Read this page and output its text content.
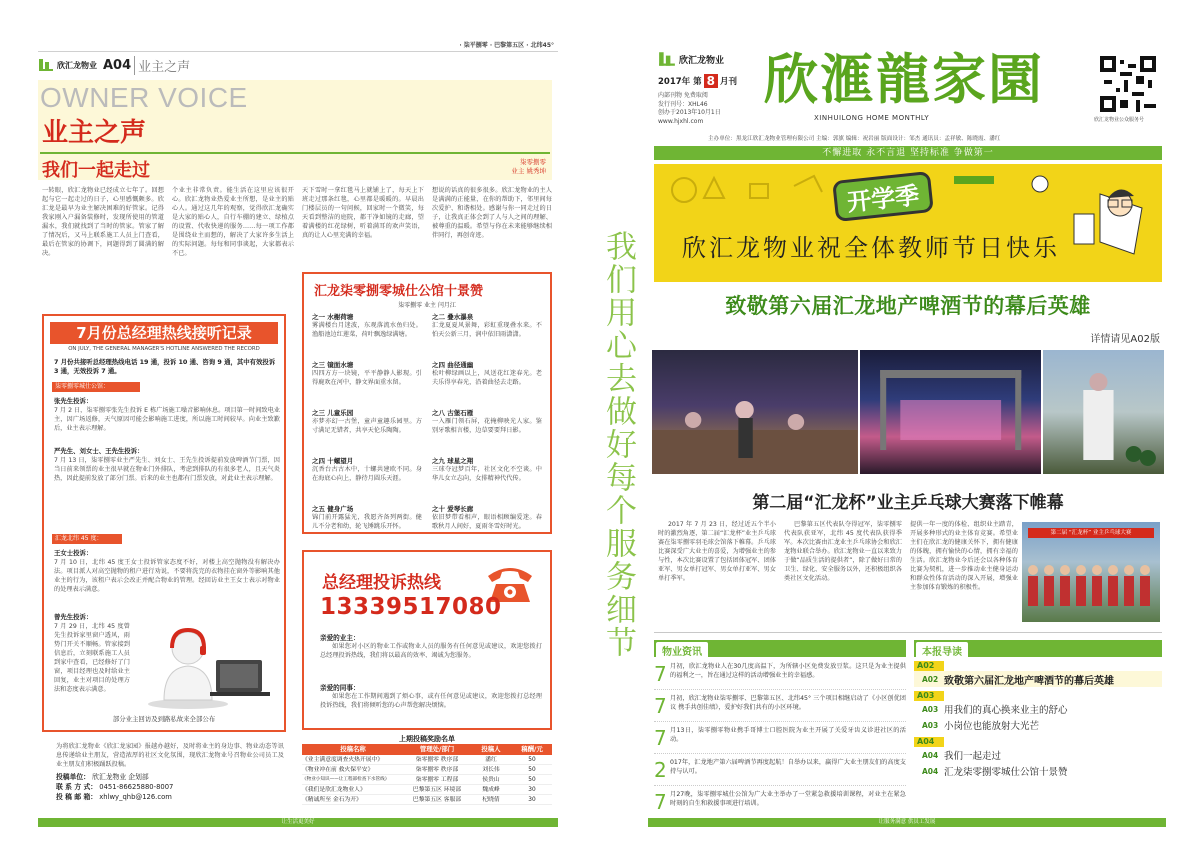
· 柒平捌零 · 巴黎第五区 · 北纬45°
欣汇龙物业 A04 业主之声
OWNER VOICE
业主之声
我们一起走过	柒零捌零
业主 姚秀坤
一转眼，欣汇龙物业已经成立七年了。回想起与它一起走过的日子，心里感慨颇多。欣汇龙是最早为业主解决困难的好管家。记得我家刚入户漏备装修时，发现所使用的管道漏水，我们就找到了当时的管家。管家了解了情况后，又马上联系施工人员上门查看，最后在管家的协调下，问题得到了圆满的解决。
个业主非常负责。能生活在这里应该很开心。欣汇龙物业热爱业主所想，是业主的贴心人。通过这几年的观察，觉得欣汇龙确实是大家的贴心人，自行车棚的建立、绿植点的设置、代收快递的服务……每一项工作都是围绕业主而想的，解决了大家许多生活上的实际问题。每每和同事谈起，大家都表示不已。
天下雪时一拿红毯马上就铺上了，每天上下班走过那条红毯，心里都是暖暖的。早晨出门楼层员的一句问候，回家时一个微笑，每天看到整洁的庭院，都干净如镜的走廊，望着满楼的红花绿树，听着满耳的欢声笑语，真的让人心里充满的幸福。
想说的话真的很多很多。欣汇龙物业的主人是满满的正能量，在你的帮助下，邻里间每次爱护、和谐相处。感谢与你一同走过的日子，让我真正体会到了人与人之间的理解、被尊重的温暖。希望与你在未来能够继续相伴同行，再创奇迹。
7月份总经理热线接听记录
ON JULY, THE GENERAL MANAGER'S HOTLINE ANSWERED THE RECORD
7 月份共接听总经理热线电话 19 通，投诉 10 通、咨询 9 通，其中有效投诉 3 通，无效投诉 7 通。
柒零捌零城仕公馆：
张先生投诉：
7 月 2 日，柒零捌零张先生投诉 E 栋广场施工噪音影响休息。项目第一时间致电业主，因广场返修，天气原因可能会影响施工进度，所以施工时间较早。向业主致歉后，业主表示理解。
严先生、刘女士、王先生投诉：
7 月 13 日，柒零捌零业主严先生、刘女士、王先生投诉提前发放啤酒节门票，因当日前来领票的业主很早就在物业门外排队，考虑到排队的有很多老人，且天气炎热，因此提前发放了部分门票。后来的业主也都有门票发放，对此业主表示理解。
汇龙北纬 45 度：
王女士投诉：
7 月 10 日，北纬 45 度王女士投诉管家态度不好，对楼上高空抛物没有解决办法。项目派人对高空抛物的租户进行劝说，不要将洗完的衣物挂在窗外等影响其他业主的行为，该租户表示会改正并配合物业的管理。经回访业主王女士表示对物业的处理表示满意。
曾先生投诉：
7 月 29 日，北纬 45 度曾先生投诉家里窗户透风，雨势门开关不顺畅。管家接到信息后，立刻联系施工人员到家中查看，已经修好了门窗，项目经理也及时给业主回复，业主对项目的处理方法和态度表示满意。
部分业主回访及到路私故来全部公布
汇龙柒零捌零城仕公馆十景赞
柒零捌零 业主 闫月江
之一 水榭荷塘
雾满楼台月迷波，东观落流水鱼归处。渔船池边红莲菜，荷叶飘逸绿满塘。
之二 叠水瀑泉
汇龙夏夏风景舞，彩虹重现叠水来。不怕天公新三月，润中依旧雨潇潇。
之三 镜面水塘
四四方方一块镜，平平静静人影现。引得鹿欢在河中，静文界面重水留。
之四 曲径通幽
松叶柳绿画以上，风送花红迷春光。老夫乐得享春光，沿着曲径去走路。
之三 儿童乐园
亦梦亦幻一古堡，童声童趣乐园里。方寸满足无错者，共享天伦乐陶陶。
之八 古堡石雁
一入雁门领石屏，花掩柳映光人家。鉴别牙歌相言楼，边草要要拜日影。
之四 十螺望月
沉香台古古木中，十螺共建欧不同。身在海底心向上，静待月圆乐天涯。
之九 球星之翔
三球夺冠梦百年，社区文化不空谈。中华儿女立志向，女排精神代代传。
之五 健身广场
锦门前开露猛光，我愿齐备列两街。健儿不分老和幼，轮飞锤跳乐开怀。
之十 爱琴长廊
依旧梦带看相声，眼语相顾编爱迷。春歌秋月人间好，夏雨冬雪好时光。
总经理投诉热线
13339517080
亲爱的业主：
如果您对小区的物业工作或物业人员的服务有任何意见或建议，欢迎您拨打总经理投诉热线，我们将以最高的效率、竭诚为您服务。
亲爱的同事：
如果您在工作期间遇到了烦心事，或有任何意见或建议，欢迎您拨打总经理投诉热线，我们将倾听您的心声帮您解决烦恼。
为将欣汇龙物业《欣汇龙家园》报越办越好，及时将业主的身边事、物业动态等讯息传递给业主朋友，营造浓厚的社区文化氛围，现欣汇龙物业号召物业公司员工及业主朋友们积极踊跃投稿。
投稿单位： 欣汇龙物业 企划部
联 系 方 式： 0451-86625880-8007
投 稿 邮 箱： xhlwy_qhb@126.com
上期投稿奖励名单
投稿名称	管理处/部门	投稿人	稿酬/元
《业主满意度调查火热开展中》	柒零捌零 秩序部	潘红	50
《物业冲在前 救火保平安》	柒零捌零 秩序部	刘长伟	50
《物业小知识——让工程部检查下水管线》	柒零捌零 工程部	侯贵山	50
《我们是欣汇龙物业人》	巴黎第五区 环境部	魏成峰	30
《精诚所至 金石为开》	巴黎第五区 客服部	杞晓倩	30
让生活更美好
我们用心去做好每个服务细节
欣汇龙物业
2017年 第 8 月刊
内部刊物 免费取阅
发行刊号：XHL46
创办于2013年10月1日
www.hjxhl.com
欣滙龍家園
XINHUILONG HOME MONTHLY	欣汇龙物业公众服务号
主办单位：黑龙江欣汇龙物业管理有限公司 主编：郭旗 编辑：祝岩丽 版面设计：邹杰 通讯员：孟祥敏、陈晓霞、潘红
不懈进取 永不言退 坚持标准 争做第一
开学季
欣汇龙物业祝全体教师节日快乐
致敬第六届汇龙地产啤酒节的幕后英雄
详情请见A02版
第二届“汇龙杯”业主乒乓球大赛落下帷幕
2017 年 7 月 23 日，经过近五个半小时的激烈角逐，第二届“汇龙杯”业主乒乓球赛在柒零捌零羽毛球会馆落下帷幕。乒乓球比赛深受广大业主的喜爱，为增强业主的参与性，本次比赛设置了包括团体冠军、团体亚军、男女单打冠军、男女单打亚军、男女单打季军。
巴黎第五区代表队夺得冠军，柒零捌零代表队获亚军，北纬 45 度代表队获得季军。本次比赛由汇龙业主乒乓球协会和欣汇龙物业联合举办。欣汇龙物业一直以来致力于做“品质生活的提供者”，除了做好日常的卫生、绿化、安全服务以外，还积极组织各类社区文化活动。
提供一年一度的体检、组织业主踏青，开展多种形式的业主体育竞赛。希望业主们在欣汇龙的健康关怀下，拥有健康的体魄，拥有愉快的心情，拥有幸福的生活。欣汇龙物业今后还会以各种体育比赛为契机，进一步推动业主健身运动和群众性体育活动的深入开展，增强业主参加体育锻炼的积极性。
第二届 “汇龙杯” 业主乒乓球大赛
物业资讯
7 月初，欣汇龙物业人在30几度高温下，为所辖小区免费发放豆浆。这只是为业主提供的福利之一，旨在通过这样的活动增强业主的幸福感。
7 月初，欣汇龙物业柒零捌零、巴黎第五区、北纬45° 三个项目相继启动了《小区创优团议 携手共创佳绩》，爱护好我们共有的小区环境。
7 月13日，柒零捌零物业携手哥博士口腔医院为业主开展了关爱牙齿义诊进社区的活动。
2 017年，汇龙地产第六届啤酒节再度起航！自举办以来，赢得广大业主朋友们的高度支持与认可。
7 月27晚，柒零捌零城仕公馆为广大业主举办了一堂紧急救援培训课程，对业主在紧急时刻的自生和救援事项进行培训。
本报导读
A02
A02 致敬第六届汇龙地产啤酒节的幕后英雄
A03
A03 用我们的真心换来业主的舒心
A03 小岗位也能放射大光芒
A04
A04 我们一起走过
A04 汇龙柒零捌零城仕公馆十景赞
让服务满意 供员工发展
